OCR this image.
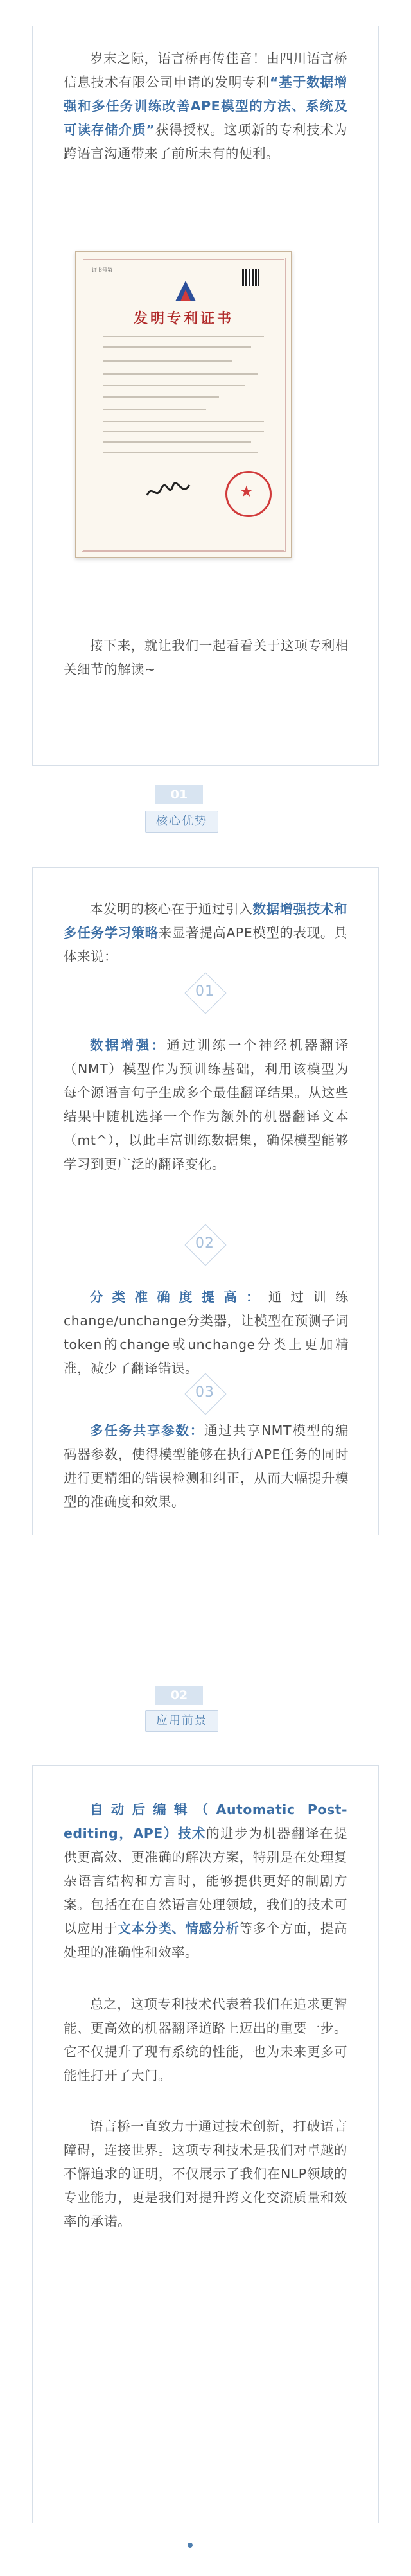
岁末之际，语言桥再传佳音！由四川语言桥信息技术有限公司申请的发明专利“基于数据增强和多任务训练改善APE模型的方法、系统及可读存储介质”获得授权。这项新的专利技术为跨语言沟通带来了前所未有的便利。

证书号第
发明专利证书
★

接下来，就让我们一起看看关于这项专利相关细节的解读~

01
核心优势

本发明的核心在于通过引入数据增强技术和多任务学习策略来显著提高APE模型的表现。具体来说：

01

数据增强：通过训练一个神经机器翻译（NMT）模型作为预训练基础，利用该模型为每个源语言句子生成多个最佳翻译结果。从这些结果中随机选择一个作为额外的机器翻译文本（mt^），以此丰富训练数据集，确保模型能够学习到更广泛的翻译变化。

02

分类准确度提高：通过训练change/unchange分类器，让模型在预测子词token的change或unchange分类上更加精准，减少了翻译错误。

03

多任务共享参数：通过共享NMT模型的编码器参数，使得模型能够在执行APE任务的同时进行更精细的错误检测和纠正，从而大幅提升模型的准确度和效果。

02
应用前景

自动后编辑（Automatic Post-editing，APE）技术的进步为机器翻译在提供更高效、更准确的解决方案，特别是在处理复杂语言结构和方言时，能够提供更好的制剧方案。包括在在自然语言处理领域，我们的技术可以应用于文本分类、情感分析等多个方面，提高处理的准确性和效率。

总之，这项专利技术代表着我们在追求更智能、更高效的机器翻译道路上迈出的重要一步。它不仅提升了现有系统的性能，也为未来更多可能性打开了大门。

语言桥一直致力于通过技术创新，打破语言障碍，连接世界。这项专利技术是我们对卓越的不懈追求的证明，不仅展示了我们在NLP领域的专业能力，更是我们对提升跨文化交流质量和效率的承诺。
